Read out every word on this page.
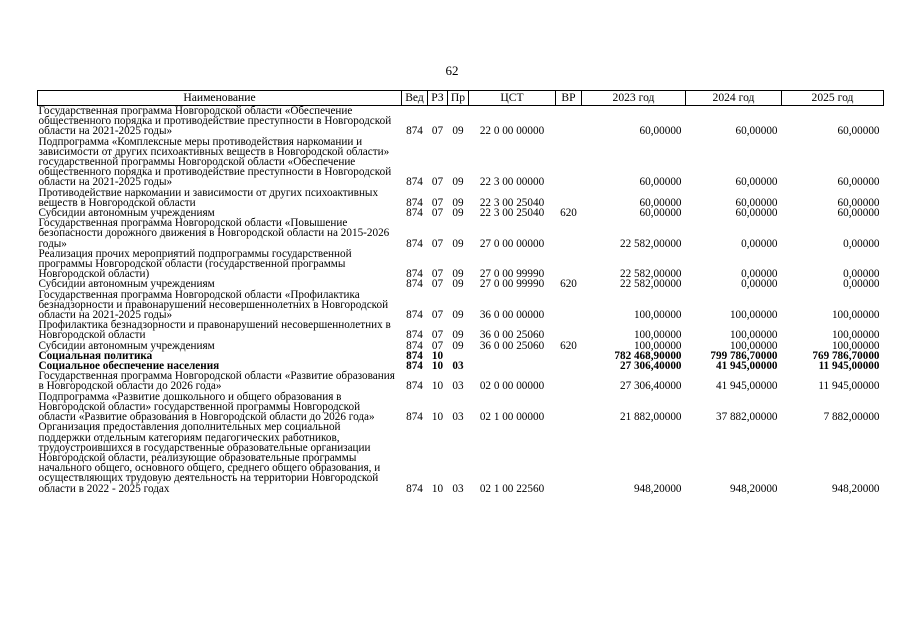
62
Наименование	Вед	РЗ	Пр	ЦСТ	ВР	2023 год	2024 год	2025 год
Государственная программа Новгородской области «Обеспечение общественного порядка и противодействие преступности в Новгородской области на 2021-2025 годы»	874	07	09	22 0 00 00000		60,00000	60,00000	60,00000
Подпрограмма «Комплексные меры противодействия наркомании и зависимости от других психоактивных веществ в Новгородской области» государственной программы Новгородской области «Обеспечение общественного порядка и противодействие преступности в Новгородской области на 2021-2025 годы»	874	07	09	22 3 00 00000		60,00000	60,00000	60,00000
Противодействие наркомании и зависимости от других психоактивных веществ в Новгородской области	874	07	09	22 3 00 25040		60,00000	60,00000	60,00000
Субсидии автономным учреждениям	874	07	09	22 3 00 25040	620	60,00000	60,00000	60,00000
Государственная программа Новгородской области «Повышение безопасности дорожного движения в Новгородской области на 2015-2026 годы»	874	07	09	27 0 00 00000		22 582,00000	0,00000	0,00000
Реализация прочих мероприятий подпрограммы государственной программы Новгородской области (государственной программы Новгородской области)	874	07	09	27 0 00 99990		22 582,00000	0,00000	0,00000
Субсидии автономным учреждениям	874	07	09	27 0 00 99990	620	22 582,00000	0,00000	0,00000
Государственная программа Новгородской области «Профилактика безнадзорности и правонарушений несовершеннолетних в Новгородской области на 2021-2025 годы»	874	07	09	36 0 00 00000		100,00000	100,00000	100,00000
Профилактика безнадзорности и правонарушений несовершеннолетних в Новгородской области	874	07	09	36 0 00 25060		100,00000	100,00000	100,00000
Субсидии автономным учреждениям	874	07	09	36 0 00 25060	620	100,00000	100,00000	100,00000
Социальная политика	874	10				782 468,90000	799 786,70000	769 786,70000
Социальное обеспечение населения	874	10	03			27 306,40000	41 945,00000	11 945,00000
Государственная программа Новгородской области «Развитие образования в Новгородской области до 2026 года»	874	10	03	02 0 00 00000		27 306,40000	41 945,00000	11 945,00000
Подпрограмма «Развитие дошкольного и общего образования в Новгородской области» государственной программы Новгородской области «Развитие образования в Новгородской области до 2026 года»	874	10	03	02 1 00 00000		21 882,00000	37 882,00000	7 882,00000
Организация предоставления дополнительных мер социальной поддержки отдельным категориям педагогических работников, трудоустроившихся в государственные образовательные организации Новгородской области, реализующие образовательные программы начального общего, основного общего, среднего общего образования, и осуществляющих трудовую деятельность на территории Новгородской области в 2022 - 2025 годах	874	10	03	02 1 00 22560		948,20000	948,20000	948,20000
